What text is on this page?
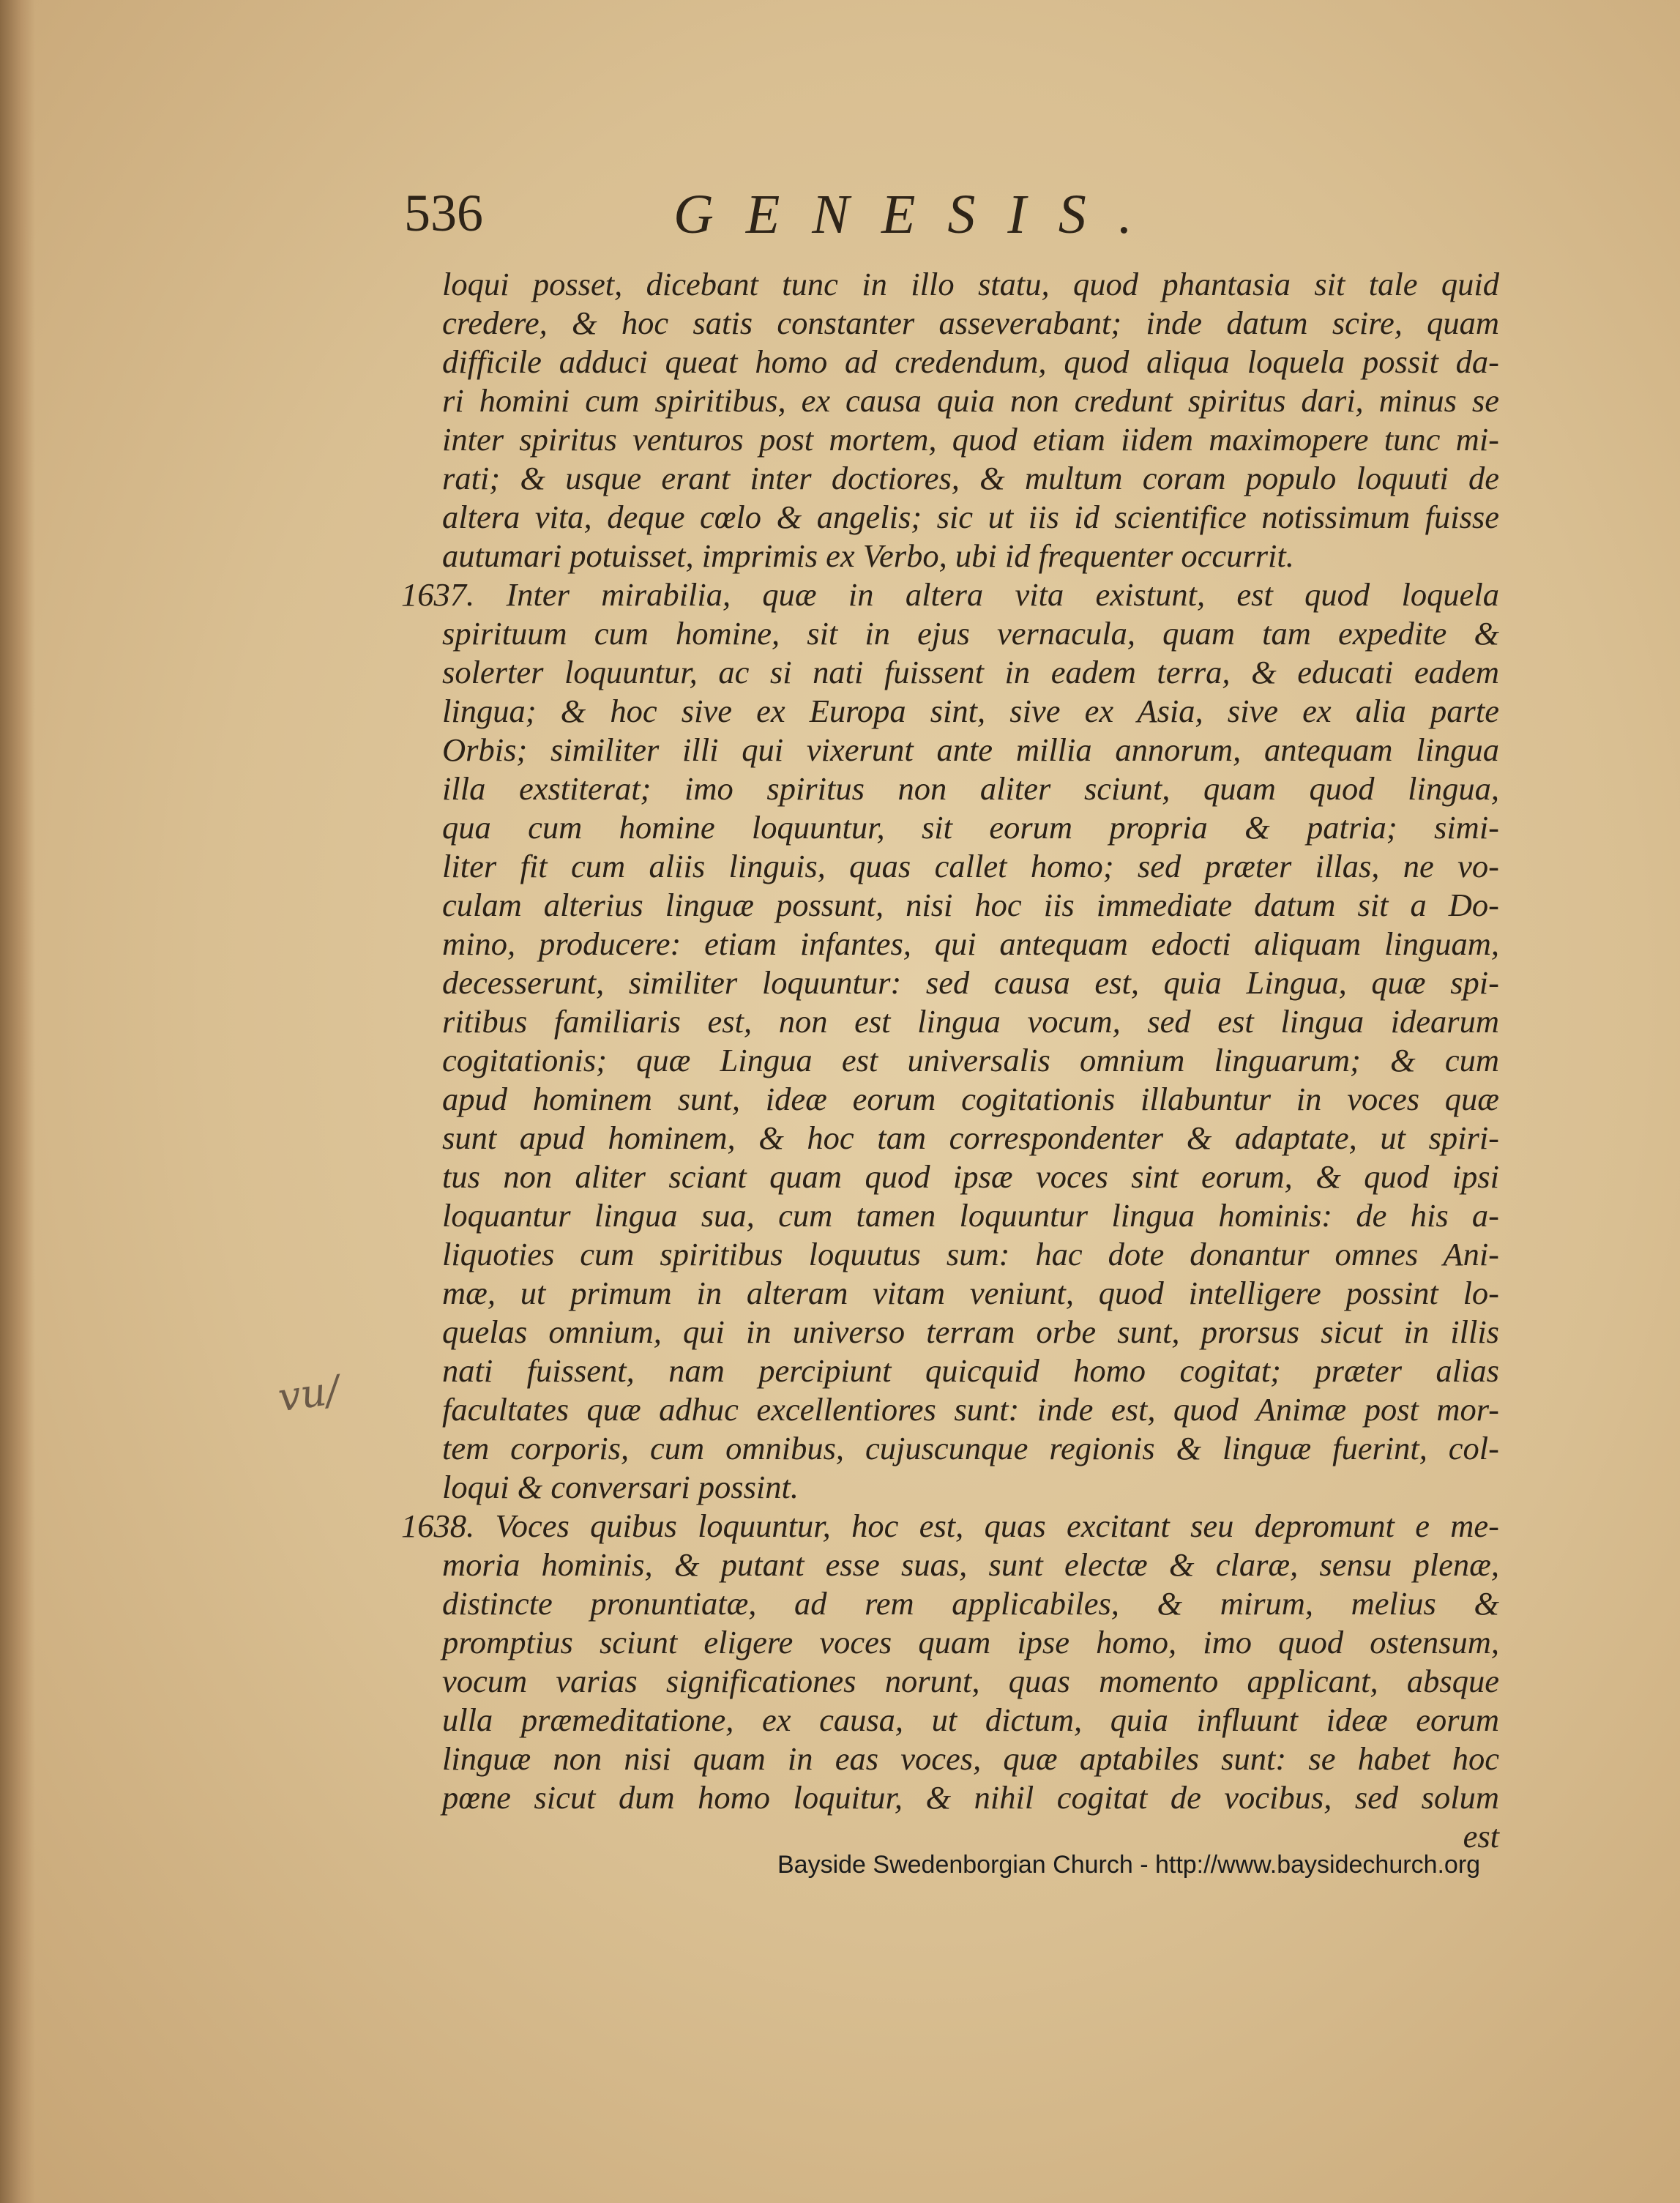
536	GENESIS.
loqui posset, dicebant tunc in illo statu, quod phantasia sit tale quid
credere, & hoc satis constanter asseverabant; inde datum scire, quam
difficile adduci queat homo ad credendum, quod aliqua loquela possit da-
ri homini cum spiritibus, ex causa quia non credunt spiritus dari, minus se
inter spiritus venturos post mortem, quod etiam iidem maximopere tunc mi-
rati; & usque erant inter doctiores, & multum coram populo loquuti de
altera vita, deque cœlo & angelis; sic ut iis id scientifice notissimum fuisse
autumari potuisset, imprimis ex Verbo, ubi id frequenter occurrit.
1637. Inter mirabilia, quæ in altera vita existunt, est quod loquela
spirituum cum homine, sit in ejus vernacula, quam tam expedite &
solerter loquuntur, ac si nati fuissent in eadem terra, & educati eadem
lingua; & hoc sive ex Europa sint, sive ex Asia, sive ex alia parte
Orbis; similiter illi qui vixerunt ante millia annorum, antequam lingua
illa exstiterat; imo spiritus non aliter sciunt, quam quod lingua,
qua cum homine loquuntur, sit eorum propria & patria; simi-
liter fit cum aliis linguis, quas callet homo; sed præter illas, ne vo-
culam alterius linguæ possunt, nisi hoc iis immediate datum sit a Do-
mino, producere: etiam infantes, qui antequam edocti aliquam linguam,
decesserunt, similiter loquuntur: sed causa est, quia Lingua, quæ spi-
ritibus familiaris est, non est lingua vocum, sed est lingua idearum
cogitationis; quæ Lingua est universalis omnium linguarum; & cum
apud hominem sunt, ideæ eorum cogitationis illabuntur in voces quæ
sunt apud hominem, & hoc tam correspondenter & adaptate, ut spiri-
tus non aliter sciant quam quod ipsæ voces sint eorum, & quod ipsi
loquantur lingua sua, cum tamen loquuntur lingua hominis: de his a-
liquoties cum spiritibus loquutus sum: hac dote donantur omnes Ani-
mæ, ut primum in alteram vitam veniunt, quod intelligere possint lo-
quelas omnium, qui in universo terram orbe sunt, prorsus sicut in illis
nati fuissent, nam percipiunt quicquid homo cogitat; præter alias
facultates quæ adhuc excellentiores sunt: inde est, quod Animæ post mor-
tem corporis, cum omnibus, cujuscunque regionis & linguæ fuerint, col-
loqui & conversari possint.
1638. Voces quibus loquuntur, hoc est, quas excitant seu depromunt e me-
moria hominis, & putant esse suas, sunt electæ & claræ, sensu plenæ,
distincte pronuntiatæ, ad rem applicabiles, & mirum, melius &
promptius sciunt eligere voces quam ipse homo, imo quod ostensum,
vocum varias significationes norunt, quas momento applicant, absque
ulla præmeditatione, ex causa, ut dictum, quia influunt ideæ eorum
linguæ non nisi quam in eas voces, quæ aptabiles sunt: se habet hoc
pœne sicut dum homo loquitur, & nihil cogitat de vocibus, sed solum
est
vu/
Bayside Swedenborgian Church - http://www.baysidechurch.org
